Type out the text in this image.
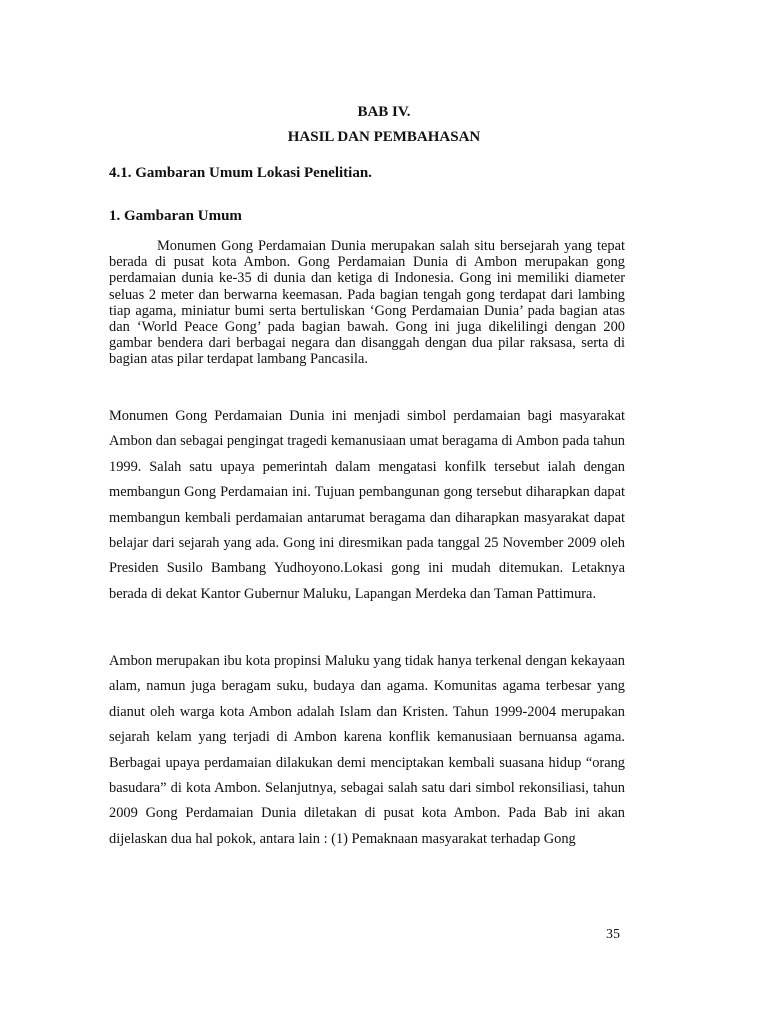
BAB IV.
HASIL DAN PEMBAHASAN
4.1. Gambaran Umum Lokasi Penelitian.
1. Gambaran Umum

Monumen Gong Perdamaian Dunia merupakan salah situ bersejarah yang tepat berada di pusat kota Ambon. Gong Perdamaian Dunia di Ambon merupakan gong perdamaian dunia ke-35 di dunia dan ketiga di Indonesia. Gong ini memiliki diameter seluas 2 meter dan berwarna keemasan. Pada bagian tengah gong terdapat dari lambing tiap agama, miniatur bumi serta bertuliskan ‘Gong Perdamaian Dunia’ pada bagian atas dan ‘World Peace Gong’ pada bagian bawah. Gong ini juga dikelilingi dengan 200 gambar bendera dari berbagai negara dan disanggah dengan dua pilar raksasa, serta di bagian atas pilar terdapat lambang Pancasila.

Monumen Gong Perdamaian Dunia ini menjadi simbol perdamaian bagi masyarakat Ambon dan sebagai pengingat tragedi kemanusiaan umat beragama di Ambon pada tahun 1999. Salah satu upaya pemerintah dalam mengatasi konfilk tersebut ialah dengan membangun Gong Perdamaian ini. Tujuan pembangunan gong tersebut diharapkan dapat membangun kembali perdamaian antarumat beragama dan diharapkan masyarakat dapat belajar dari sejarah yang ada. Gong ini diresmikan pada tanggal 25 November 2009 oleh Presiden Susilo Bambang Yudhoyono.Lokasi gong ini mudah ditemukan. Letaknya berada di dekat Kantor Gubernur Maluku, Lapangan Merdeka dan Taman Pattimura.

Ambon merupakan ibu kota propinsi Maluku yang tidak hanya terkenal dengan kekayaan alam, namun juga beragam suku, budaya dan agama. Komunitas agama terbesar yang dianut oleh warga kota Ambon adalah Islam dan Kristen. Tahun 1999-2004 merupakan sejarah kelam yang terjadi di Ambon karena konflik kemanusiaan bernuansa agama. Berbagai upaya perdamaian dilakukan demi menciptakan kembali suasana hidup “orang basudara” di kota Ambon. Selanjutnya, sebagai salah satu dari simbol rekonsiliasi, tahun 2009 Gong Perdamaian Dunia diletakan di pusat kota Ambon. Pada Bab ini akan dijelaskan dua hal pokok, antara lain : (1) Pemaknaan masyarakat terhadap Gong

35
